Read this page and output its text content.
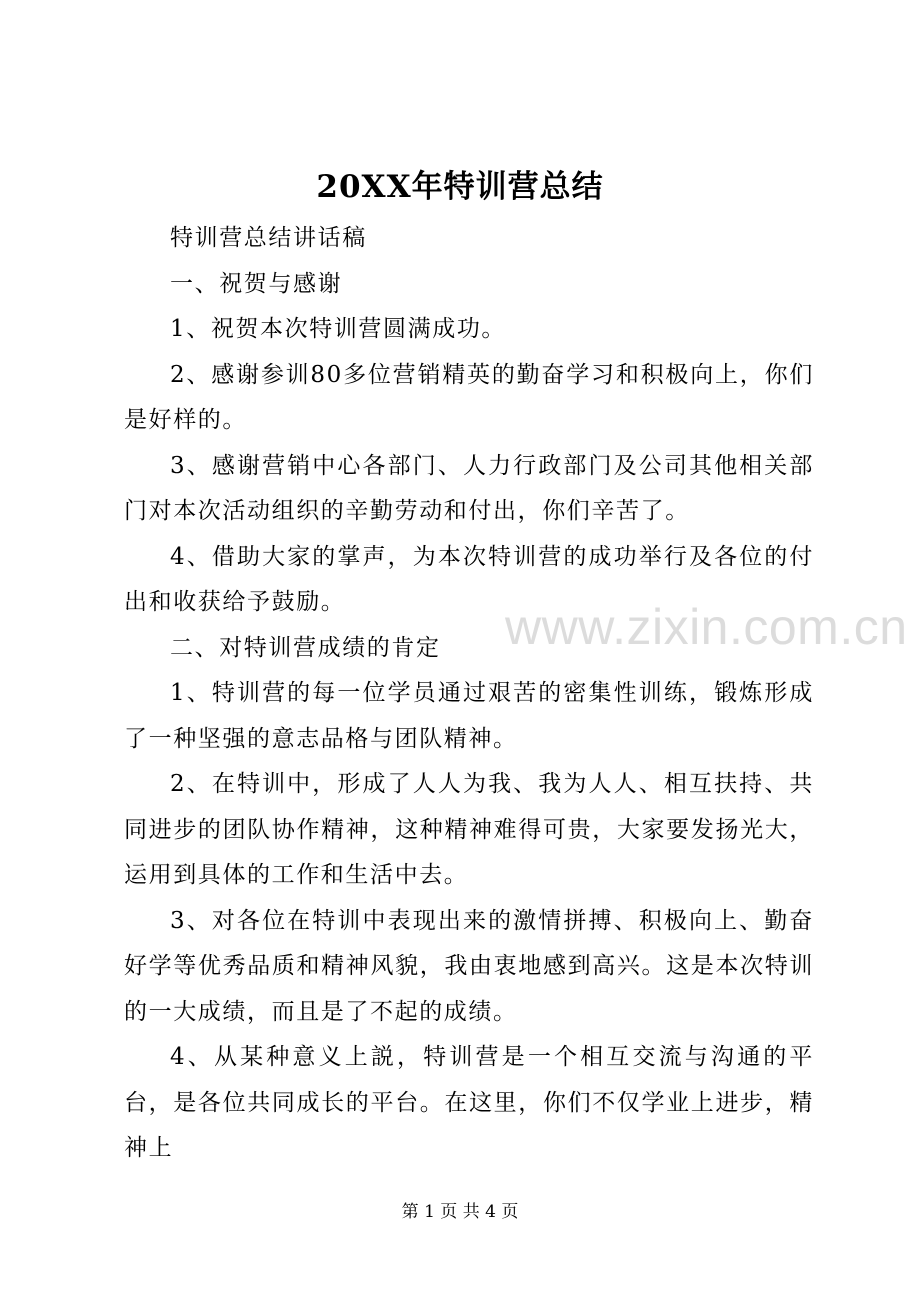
20XX年特训营总结

特训营总结讲话稿

一、祝贺与感谢

1、祝贺本次特训营圆满成功。

2、感谢参训80多位营销精英的勤奋学习和积极向上，你们是好样的。

3、感谢营销中心各部门、人力行政部门及公司其他相关部门对本次活动组织的辛勤劳动和付出，你们辛苦了。

4、借助大家的掌声，为本次特训营的成功举行及各位的付出和收获给予鼓励。

二、对特训营成绩的肯定

1、特训营的每一位学员通过艰苦的密集性训练，锻炼形成了一种坚强的意志品格与团队精神。

2、在特训中，形成了人人为我、我为人人、相互扶持、共同进步的团队协作精神，这种精神难得可贵，大家要发扬光大，运用到具体的工作和生活中去。

3、对各位在特训中表现出来的激情拼搏、积极向上、勤奋好学等优秀品质和精神风貌，我由衷地感到高兴。这是本次特训的一大成绩，而且是了不起的成绩。

4、从某种意义上説，特训营是一个相互交流与沟通的平台，是各位共同成长的平台。在这里，你们不仅学业上进步，精神上

www.zixin.com.cn
第 1 页 共 4 页
